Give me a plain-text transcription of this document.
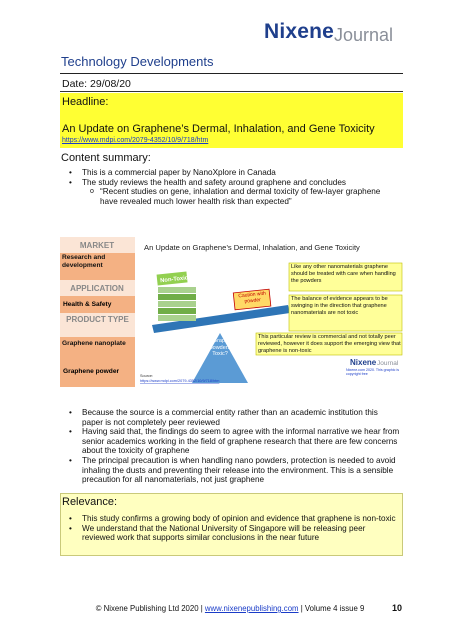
Nixene Journal
Technology Developments
Date: 29/08/20
Headline:
An Update on Graphene’s Dermal, Inhalation, and Gene Toxicity
https://www.mdpi.com/2079-4352/10/9/718/htm
Content summary:
• This is a commercial paper by NanoXplore in Canada
• The study reviews the health and safety around graphene and concludes
o “Recent studies on gene, inhalation and dermal toxicity of few-layer graphene have revealed much lower health risk than expected”
MARKET
Research and development
APPLICATION
Health & Safety
PRODUCT TYPE
Graphene nanoplate
Graphene powder
An Update on Graphene’s Dermal, Inhalation, and Gene Toxicity
Are Graphene powders Toxic?
Non-Toxic
Caution with powder
Like any other nanomaterials graphene should be treated with care when handling the powders
The balance of evidence appears to be swinging in the direction that graphene nanomaterials are not toxic
This particular review is commercial and not totally peer reviewed, however it does support the emerging view that graphene is non-toxic
Nixene Journal
Nixene.com 2020. This graphic is copyright free
Source:
https://www.mdpi.com/2079-4352/10/9/718/htm
• Because the source is a commercial entity rather than an academic institution this paper is not completely peer reviewed
• Having said that, the findings do seem to agree with the informal narrative we hear from senior academics working in the field of graphene research that there are few concerns about the toxicity of graphene
• The principal precaution is when handling nano powders, protection is needed to avoid inhaling the dusts and preventing their release into the environment. This is a sensible precaution for all nanomaterials, not just graphene
Relevance:
• This study confirms a growing body of opinion and evidence that graphene is non-toxic
• We understand that the National University of Singapore will be releasing peer reviewed work that supports similar conclusions in the near future
© Nixene Publishing Ltd 2020 | www.nixenepublishing.com | Volume 4 issue 9	10
